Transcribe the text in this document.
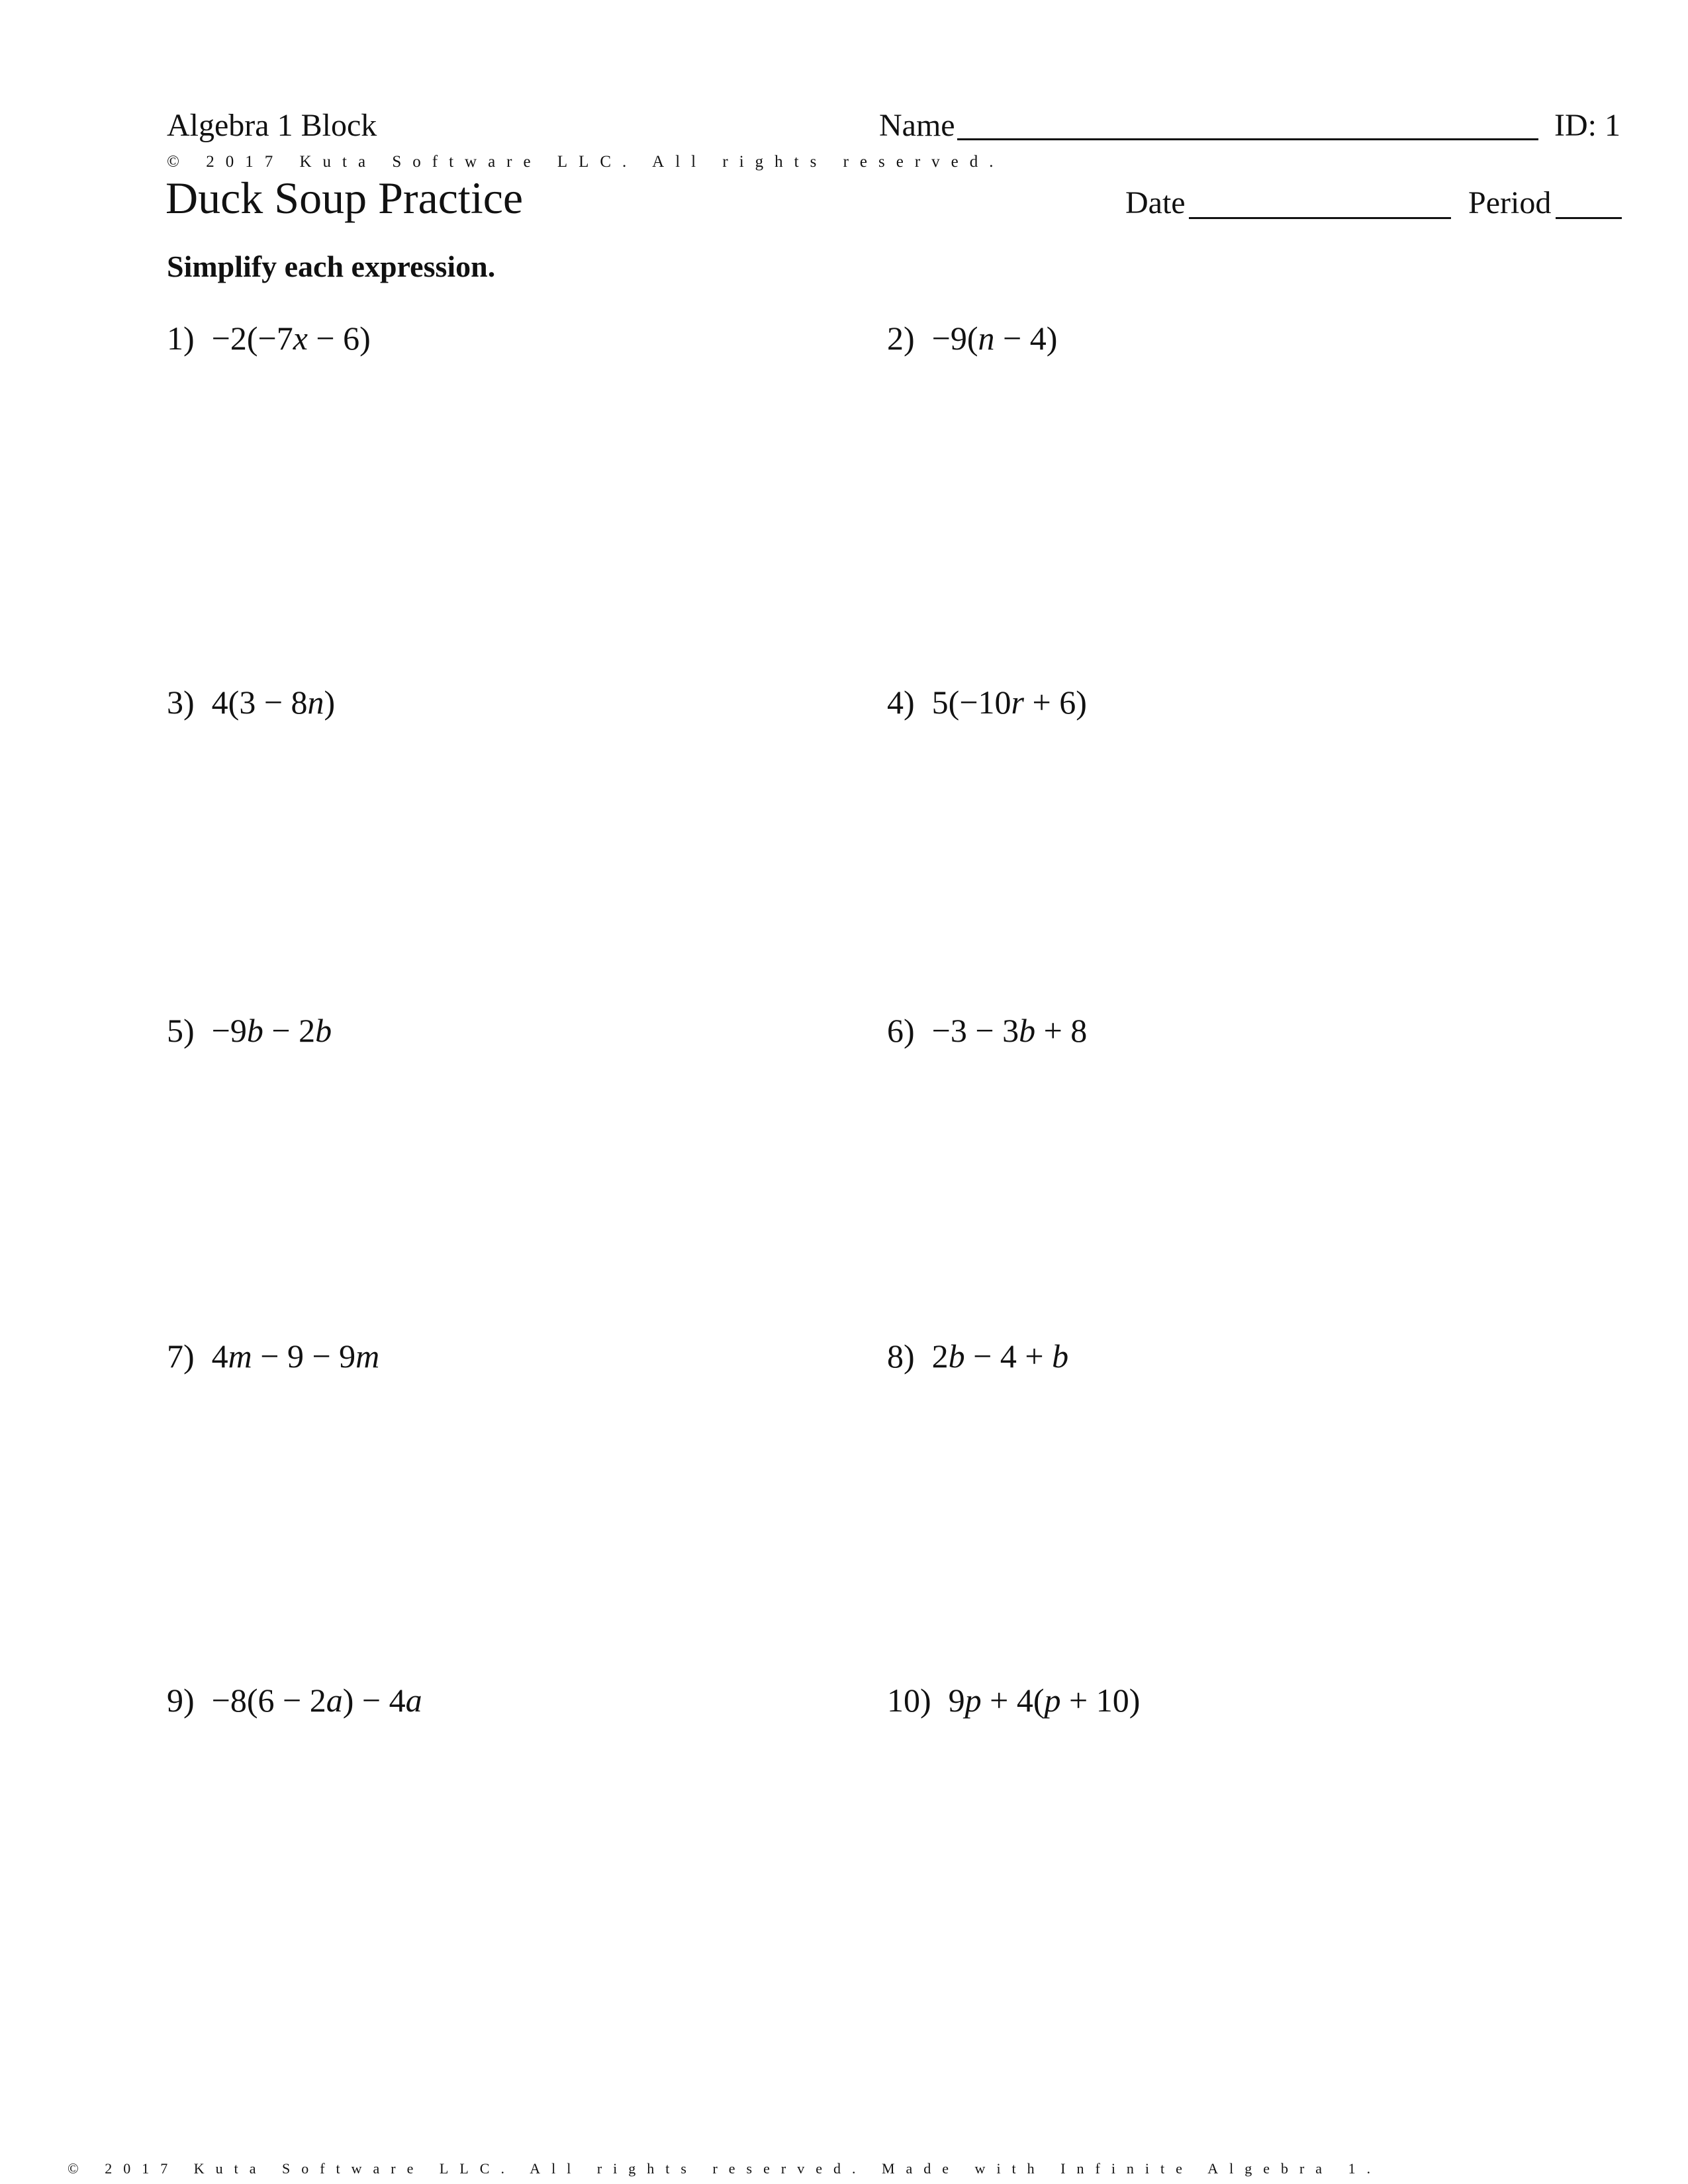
Algebra 1 Block
© 2017 Kuta Software LLC. All rights reserved.
Duck Soup Practice
Name	ID: 1
Date	Period
Simplify each expression.
1) −2(−7x − 6)	2) −9(n − 4)
3) 4(3 − 8n)	4) 5(−10r + 6)
5) −9b − 2b	6) −3 − 3b + 8
7) 4m − 9 − 9m	8) 2b − 4 + b
9) −8(6 − 2a) − 4a	10) 9p + 4(p + 10)
© 2017 Kuta Software LLC. All rights reserved. Made with Infinite Algebra 1.
